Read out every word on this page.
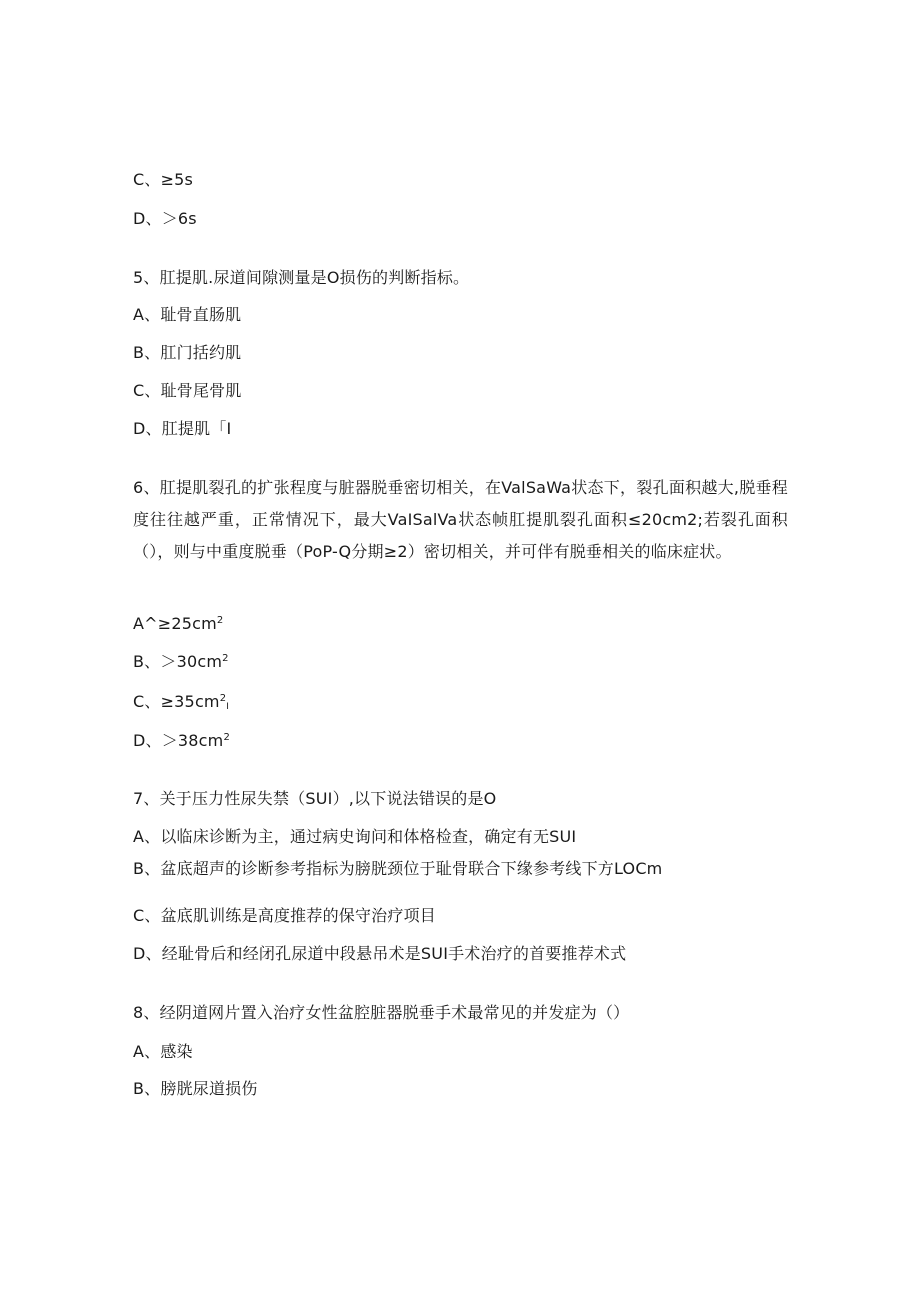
C、≥5s
D、＞6s
5、肛提肌.尿道间隙测量是O损伤的判断指标。
A、耻骨直肠肌
B、肛门括约肌
C、耻骨尾骨肌
D、肛提肌「I
6、肛提肌裂孔的扩张程度与脏器脱垂密切相关，在ValSaWa状态下，裂孔面积越大,脱垂程度往往越严重，正常情况下，最大VaISalVa状态帧肛提肌裂孔面积≤20cm2;若裂孔面积（），则与中重度脱垂（PoP-Q分期≥2）密切相关，并可伴有脱垂相关的临床症状。
$A\^{}\ge 25cm^2$
B、$>30cm^2$
C、$\ge 35cm^2I$
D、$>38cm^2$
7、关于压力性尿失禁（SUI）,以下说法错误的是O
A、以临床诊断为主，通过病史询问和体格检查，确定有无SUI
B、盆底超声的诊断参考指标为膀胱颈位于耻骨联合下缘参考线下方LOCm
C、盆底肌训练是高度推荐的保守治疗项目
D、经耻骨后和经闭孔尿道中段悬吊术是SUI手术治疗的首要推荐术式
8、经阴道网片置入治疗女性盆腔脏器脱垂手术最常见的并发症为（）
A、感染
B、膀胱尿道损伤
